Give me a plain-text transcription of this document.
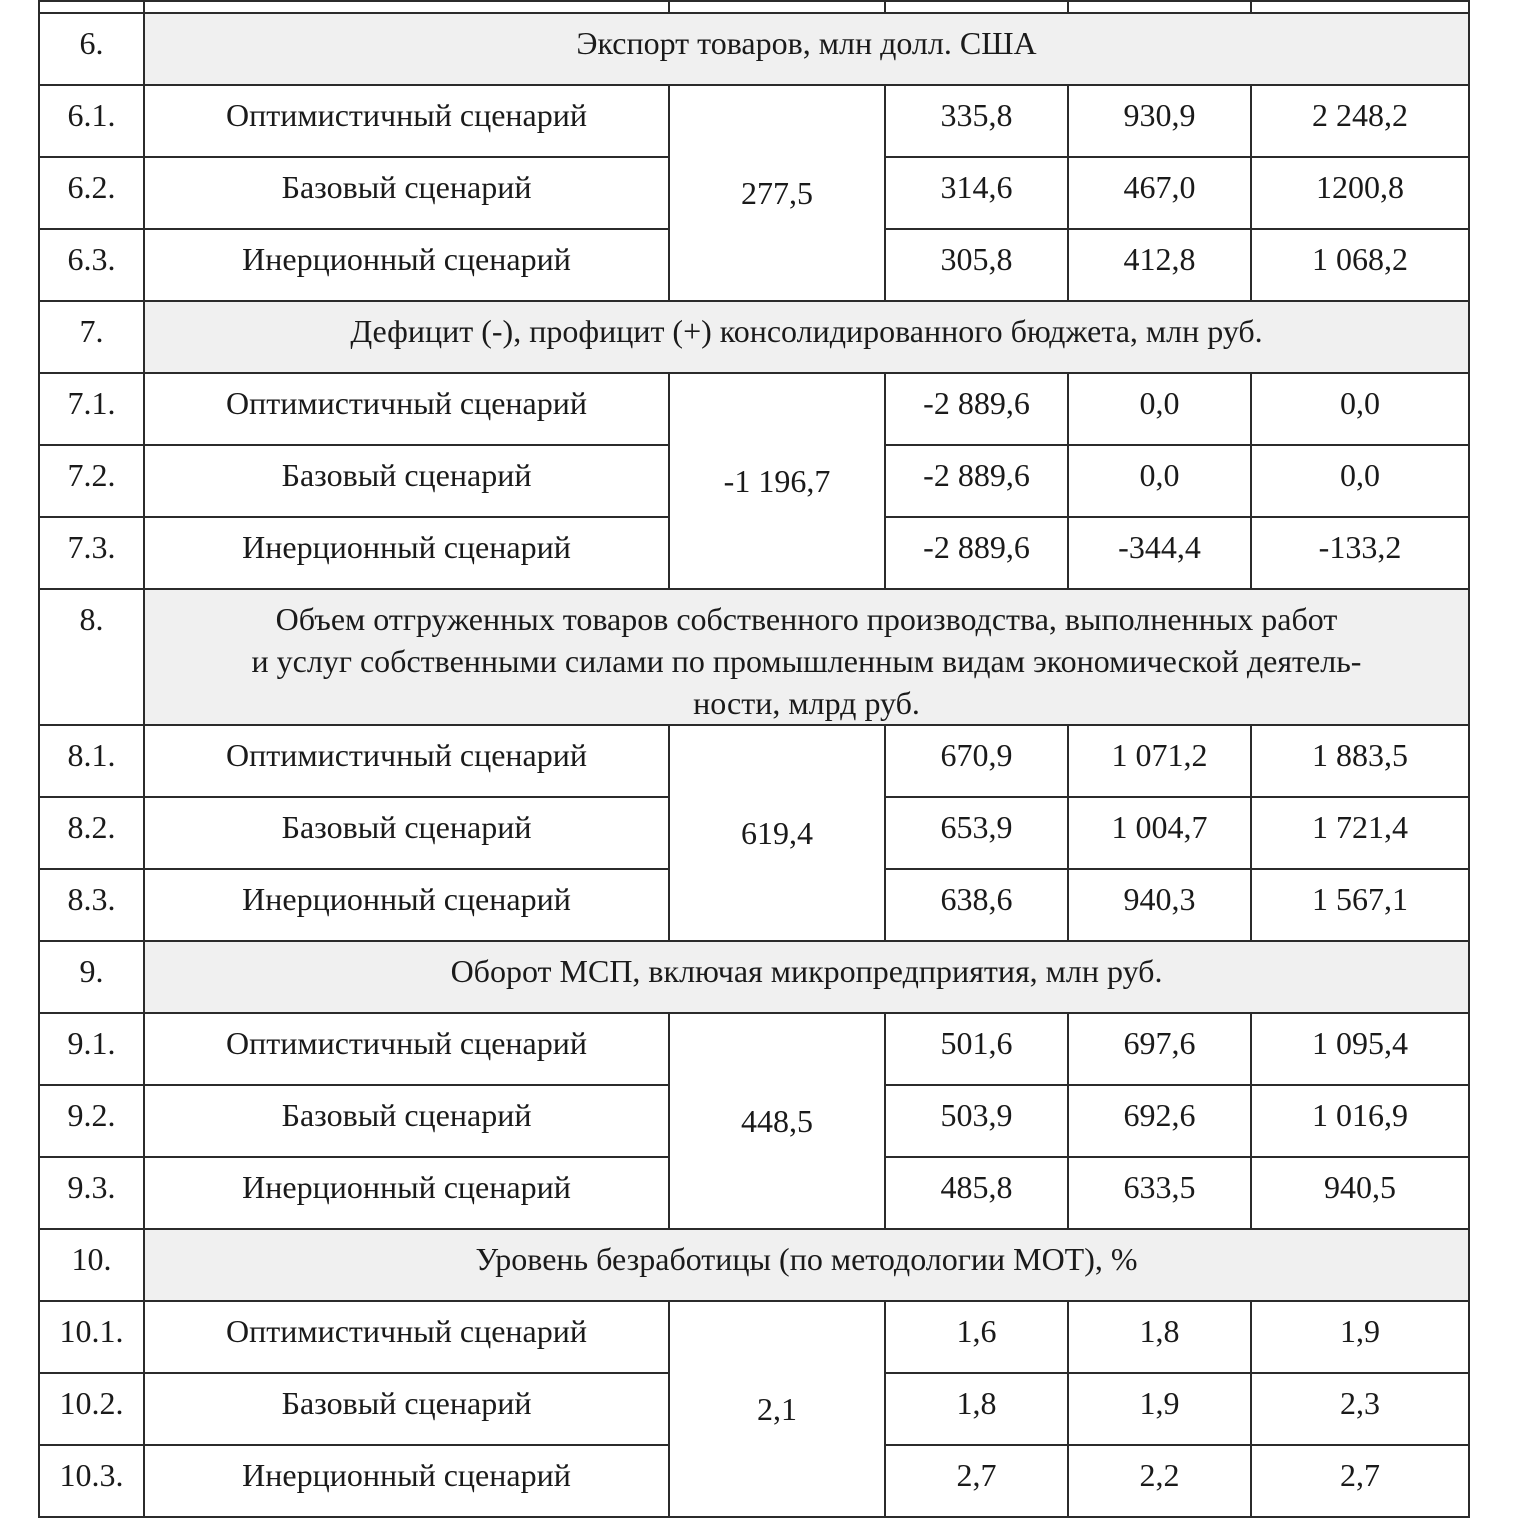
6.	Экспорт товаров, млн долл. США				
6.1.	Оптимистичный сценарий	277,5	335,8	930,9	2 248,2
6.2.	Базовый сценарий		314,6	467,0	1200,8
6.3.	Инерционный сценарий		305,8	412,8	1 068,2
7.	Дефицит (-), профицит (+) консолидированного бюджета, млн руб.				
7.1.	Оптимистичный сценарий	-1 196,7	-2 889,6	0,0	0,0
7.2.	Базовый сценарий		-2 889,6	0,0	0,0
7.3.	Инерционный сценарий		-2 889,6	-344,4	-133,2
8.	Объем отгруженных товаров собственного производства, выполненных работ
и услуг собственными силами по промышленным видам экономической деятель-
ности, млрд руб.				
8.1.	Оптимистичный сценарий	619,4	670,9	1 071,2	1 883,5
8.2.	Базовый сценарий		653,9	1 004,7	1 721,4
8.3.	Инерционный сценарий		638,6	940,3	1 567,1
9.	Оборот МСП, включая микропредприятия, млн руб.				
9.1.	Оптимистичный сценарий	448,5	501,6	697,6	1 095,4
9.2.	Базовый сценарий		503,9	692,6	1 016,9
9.3.	Инерционный сценарий		485,8	633,5	940,5
10.	Уровень безработицы (по методологии МОТ), %				
10.1.	Оптимистичный сценарий	2,1	1,6	1,8	1,9
10.2.	Базовый сценарий		1,8	1,9	2,3
10.3.	Инерционный сценарий		2,7	2,2	2,7
